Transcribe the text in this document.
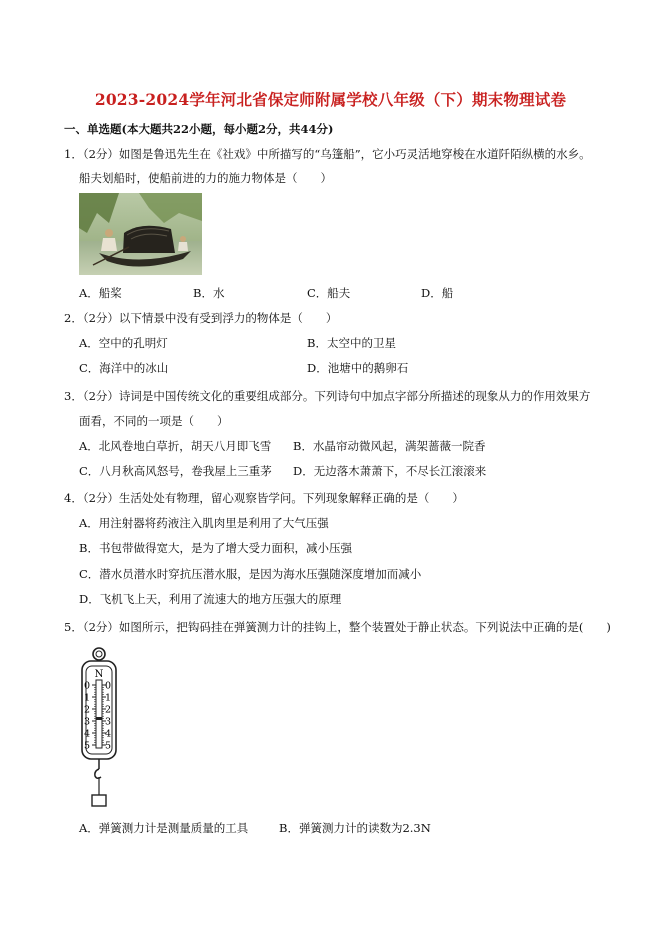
2023-2024学年河北省保定师附属学校八年级（下）期末物理试卷
一、单选题(本大题共22小题，每小题2分，共44分)
1．（2分）如图是鲁迅先生在《社戏》中所描写的“乌篷船”，它小巧灵活地穿梭在水道阡陌纵横的水乡。
船夫划船时，使船前进的力的施力物体是（　　）
A．船桨	B．水	C．船夫	D．船
2．（2分）以下情景中没有受到浮力的物体是（　　）
A．空中的孔明灯	B．太空中的卫星
C．海洋中的冰山	D．池塘中的鹅卵石
3．（2分）诗词是中国传统文化的重要组成部分。下列诗句中加点字部分所描述的现象从力的作用效果方
面看，不同的一项是（　　）
A．北风卷地白草折，胡天八月即飞雪 B．水晶帘动微风起，满架蔷薇一院香
C．八月秋高风怒号，卷我屋上三重茅 D．无边落木萧萧下，不尽长江滚滚来
4．（2分）生活处处有物理，留心观察皆学问。下列现象解释正确的是（　　）
A．用注射器将药液注入肌肉里是利用了大气压强
B．书包带做得宽大，是为了增大受力面积，减小压强
C．潜水员潜水时穿抗压潜水服，是因为海水压强随深度增加而减小
D．飞机飞上天，利用了流速大的地方压强大的原理
5．（2分）如图所示，把钩码挂在弹簧测力计的挂钩上，整个装置处于静止状态。下列说法中正确的是(　　)
N
0 0
1 1
2 2
3 3
4 4
5 5
A．弹簧测力计是测量质量的工具	B．弹簧测力计的读数为2.3N
